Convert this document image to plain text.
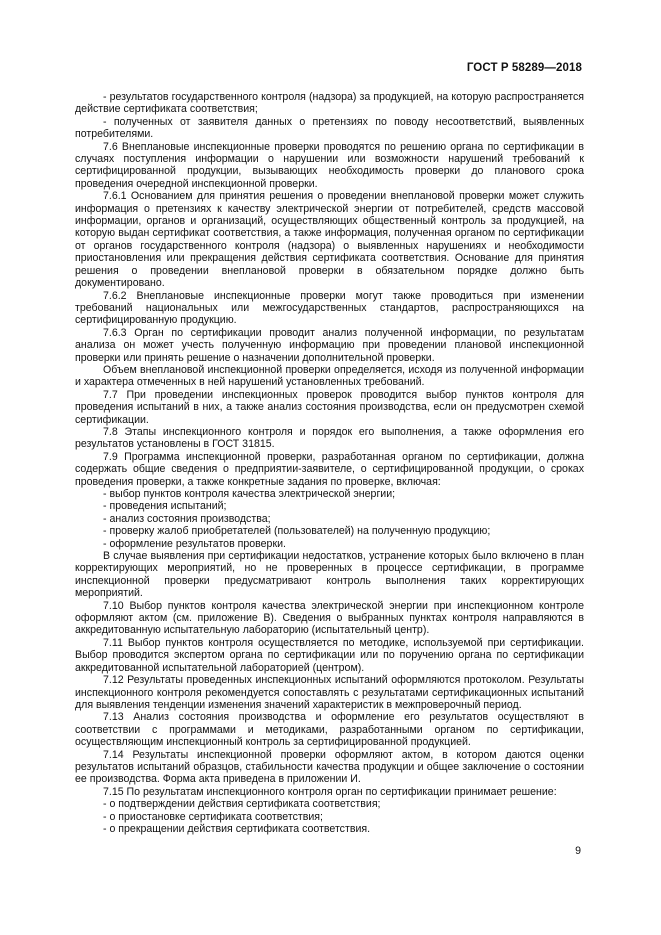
ГОСТ Р 58289—2018

- результатов государственного контроля (надзора) за продукцией, на которую распространяется действие сертификата соответствия;

- полученных от заявителя данных о претензиях по поводу несоответствий, выявленных потребителями.

7.6 Внеплановые инспекционные проверки проводятся по решению органа по сертификации в случаях поступления информации о нарушении или возможности нарушений требований к сертифицированной продукции, вызывающих необходимость проверки до планового срока проведения очередной инспекционной проверки.

7.6.1 Основанием для принятия решения о проведении внеплановой проверки может служить информация о претензиях к качеству электрической энергии от потребителей, средств массовой информации, органов и организаций, осуществляющих общественный контроль за продукцией, на которую выдан сертификат соответствия, а также информация, полученная органом по сертификации от органов государственного контроля (надзора) о выявленных нарушениях и необходимости приостановления или прекращения действия сертификата соответствия. Основание для принятия решения о проведении внеплановой проверки в обязательном порядке должно быть документировано.

7.6.2 Внеплановые инспекционные проверки могут также проводиться при изменении требований национальных или межгосударственных стандартов, распространяющихся на сертифицированную продукцию.

7.6.3 Орган по сертификации проводит анализ полученной информации, по результатам анализа он может учесть полученную информацию при проведении плановой инспекционной проверки или принять решение о назначении дополнительной проверки.

Объем внеплановой инспекционной проверки определяется, исходя из полученной информации и характера отмеченных в ней нарушений установленных требований.

7.7 При проведении инспекционных проверок проводится выбор пунктов контроля для проведения испытаний в них, а также анализ состояния производства, если он предусмотрен схемой сертификации.

7.8 Этапы инспекционного контроля и порядок его выполнения, а также оформления его результатов установлены в ГОСТ 31815.

7.9 Программа инспекционной проверки, разработанная органом по сертификации, должна содержать общие сведения о предприятии-заявителе, о сертифицированной продукции, о сроках проведения проверки, а также конкретные задания по проверке, включая:

- выбор пунктов контроля качества электрической энергии;

- проведения испытаний;

- анализ состояния производства;

- проверку жалоб приобретателей (пользователей) на полученную продукцию;

- оформление результатов проверки.

В случае выявления при сертификации недостатков, устранение которых было включено в план корректирующих мероприятий, но не проверенных в процессе сертификации, в программе инспекционной проверки предусматривают контроль выполнения таких корректирующих мероприятий.

7.10 Выбор пунктов контроля качества электрической энергии при инспекционном контроле оформляют актом (см. приложение В). Сведения о выбранных пунктах контроля направляются в аккредитованную испытательную лабораторию (испытательный центр).

7.11 Выбор пунктов контроля осуществляется по методике, используемой при сертификации. Выбор проводится экспертом органа по сертификации или по поручению органа по сертификации аккредитованной испытательной лабораторией (центром).

7.12 Результаты проведенных инспекционных испытаний оформляются протоколом. Результаты инспекционного контроля рекомендуется сопоставлять с результатами сертификационных испытаний для выявления тенденции изменения значений характеристик в межпроверочный период.

7.13 Анализ состояния производства и оформление его результатов осуществляют в соответствии с программами и методиками, разработанными органом по сертификации, осуществляющим инспекционный контроль за сертифицированной продукцией.

7.14 Результаты инспекционной проверки оформляют актом, в котором даются оценки результатов испытаний образцов, стабильности качества продукции и общее заключение о состоянии ее производства. Форма акта приведена в приложении И.

7.15 По результатам инспекционного контроля орган по сертификации принимает решение:

- о подтверждении действия сертификата соответствия;

- о приостановке сертификата соответствия;

- о прекращении действия сертификата соответствия.

9
